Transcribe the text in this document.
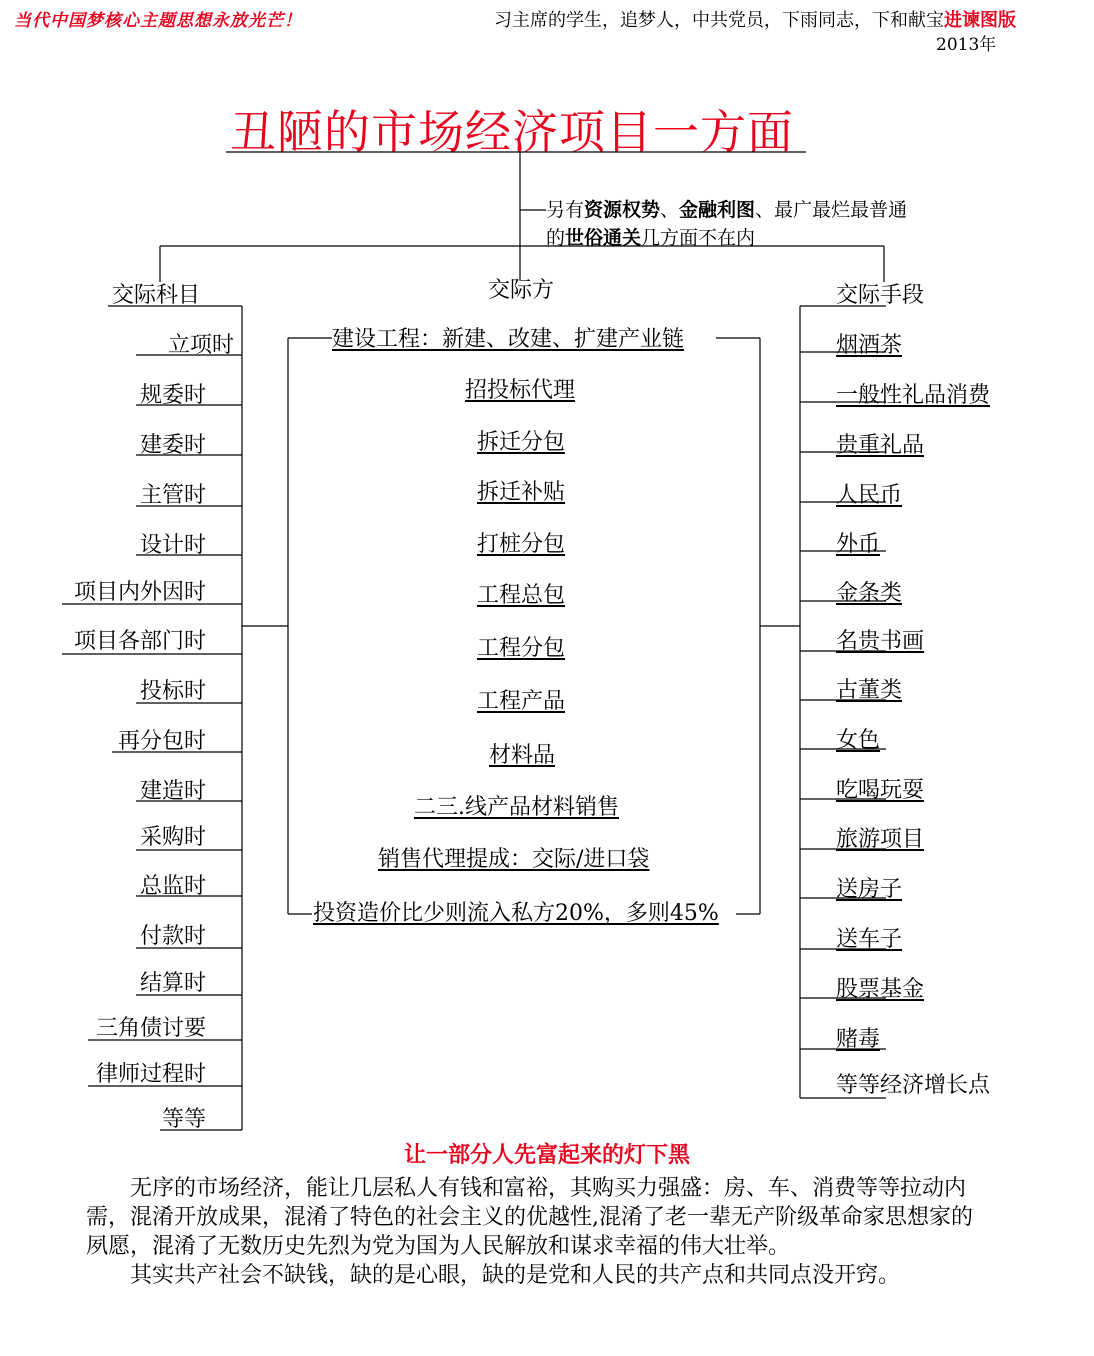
当代中国梦核心主题思想永放光芒！	习主席的学生，追梦人，中共党员，下雨同志，下和献宝进谏图版
2013年
丑陋的市场经济项目一方面
交际科目	交际方	交际手段
立项时
规委时
建委时
主管时
设计时
项目内外因时
项目各部门时
投标时
再分包时
建造时
采购时
总监时
付款时
结算时
三角债讨要
律师过程时
等等
建设工程：新建、改建、扩建产业链
招投标代理
拆迁分包
拆迁补贴
打桩分包
工程总包
工程分包
工程产品
材料品
二三.线产品材料销售
销售代理提成：交际/进口袋
投资造价比少则流入私方20%，多则45%
烟酒茶
一般性礼品消费
贵重礼品
人民币
外币
金条类
名贵书画
古董类
女色
吃喝玩耍
旅游项目
送房子
送车子
股票基金
赌毒
等等经济增长点
让一部分人先富起来的灯下黑

无序的市场经济，能让几层私人有钱和富裕，其购买力强盛：房、车、消费等等拉动内需，混淆开放成果，混淆了特色的社会主义的优越性,混淆了老一辈无产阶级革命家思想家的夙愿，混淆了无数历史先烈为党为国为人民解放和谋求幸福的伟大壮举。

其实共产社会不缺钱，缺的是心眼，缺的是党和人民的共产点和共同点没开窍。

另有资源权势、金融利图、最广最烂最普通
的世俗通关几方面不在内
